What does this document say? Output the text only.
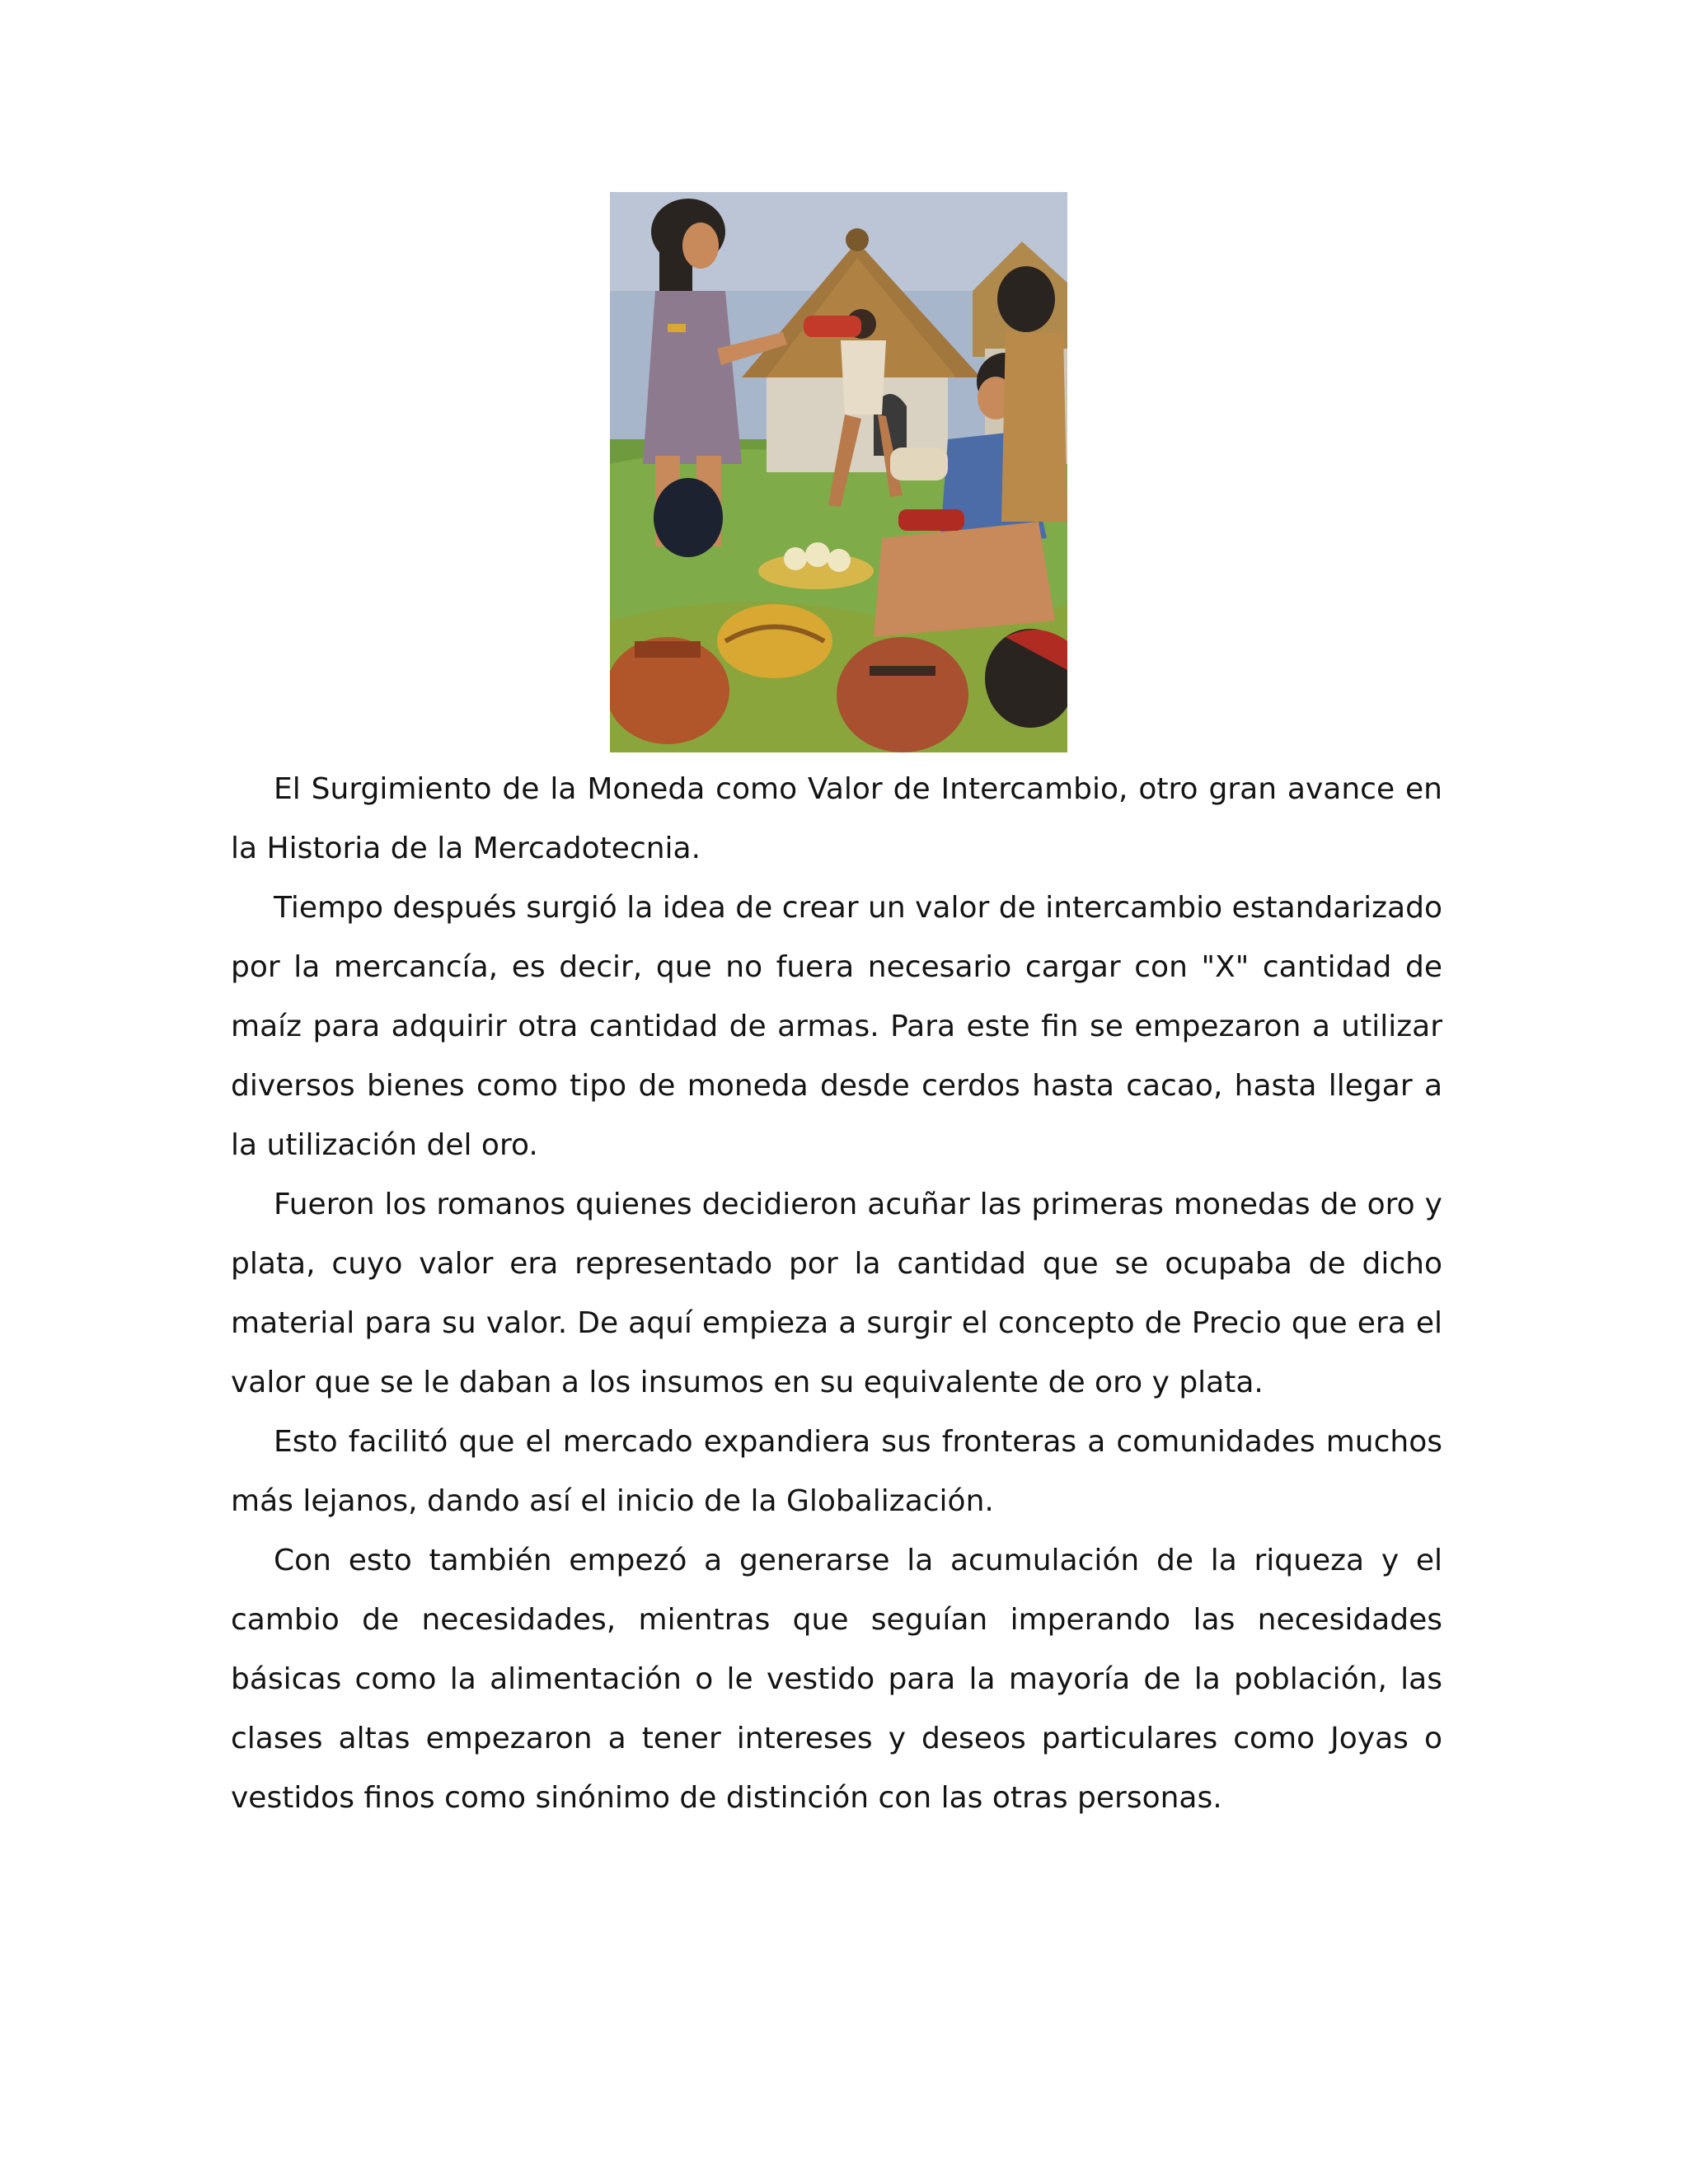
El Surgimiento de la Moneda como Valor de Intercambio, otro gran avance en la Historia de la Mercadotecnia.

Tiempo después surgió la idea de crear un valor de intercambio estandarizado por la mercancía, es decir, que no fuera necesario cargar con "X" cantidad de maíz para adquirir otra cantidad de armas. Para este fin se empezaron a utilizar diversos bienes como tipo de moneda desde cerdos hasta cacao, hasta llegar a la utilización del oro.

Fueron los romanos quienes decidieron acuñar las primeras monedas de oro y plata, cuyo valor era representado por la cantidad que se ocupaba de dicho material para su valor. De aquí empieza a surgir el concepto de Precio que era el valor que se le daban a los insumos en su equivalente de oro y plata.

Esto facilitó que el mercado expandiera sus fronteras a comunidades muchos más lejanos, dando así el inicio de la Globalización.

Con esto también empezó a generarse la acumulación de la riqueza y el cambio de necesidades, mientras que seguían imperando las necesidades básicas como la alimentación o le vestido para la mayoría de la población, las clases altas empezaron a tener intereses y deseos particulares como Joyas o vestidos finos como sinónimo de distinción con las otras personas.
